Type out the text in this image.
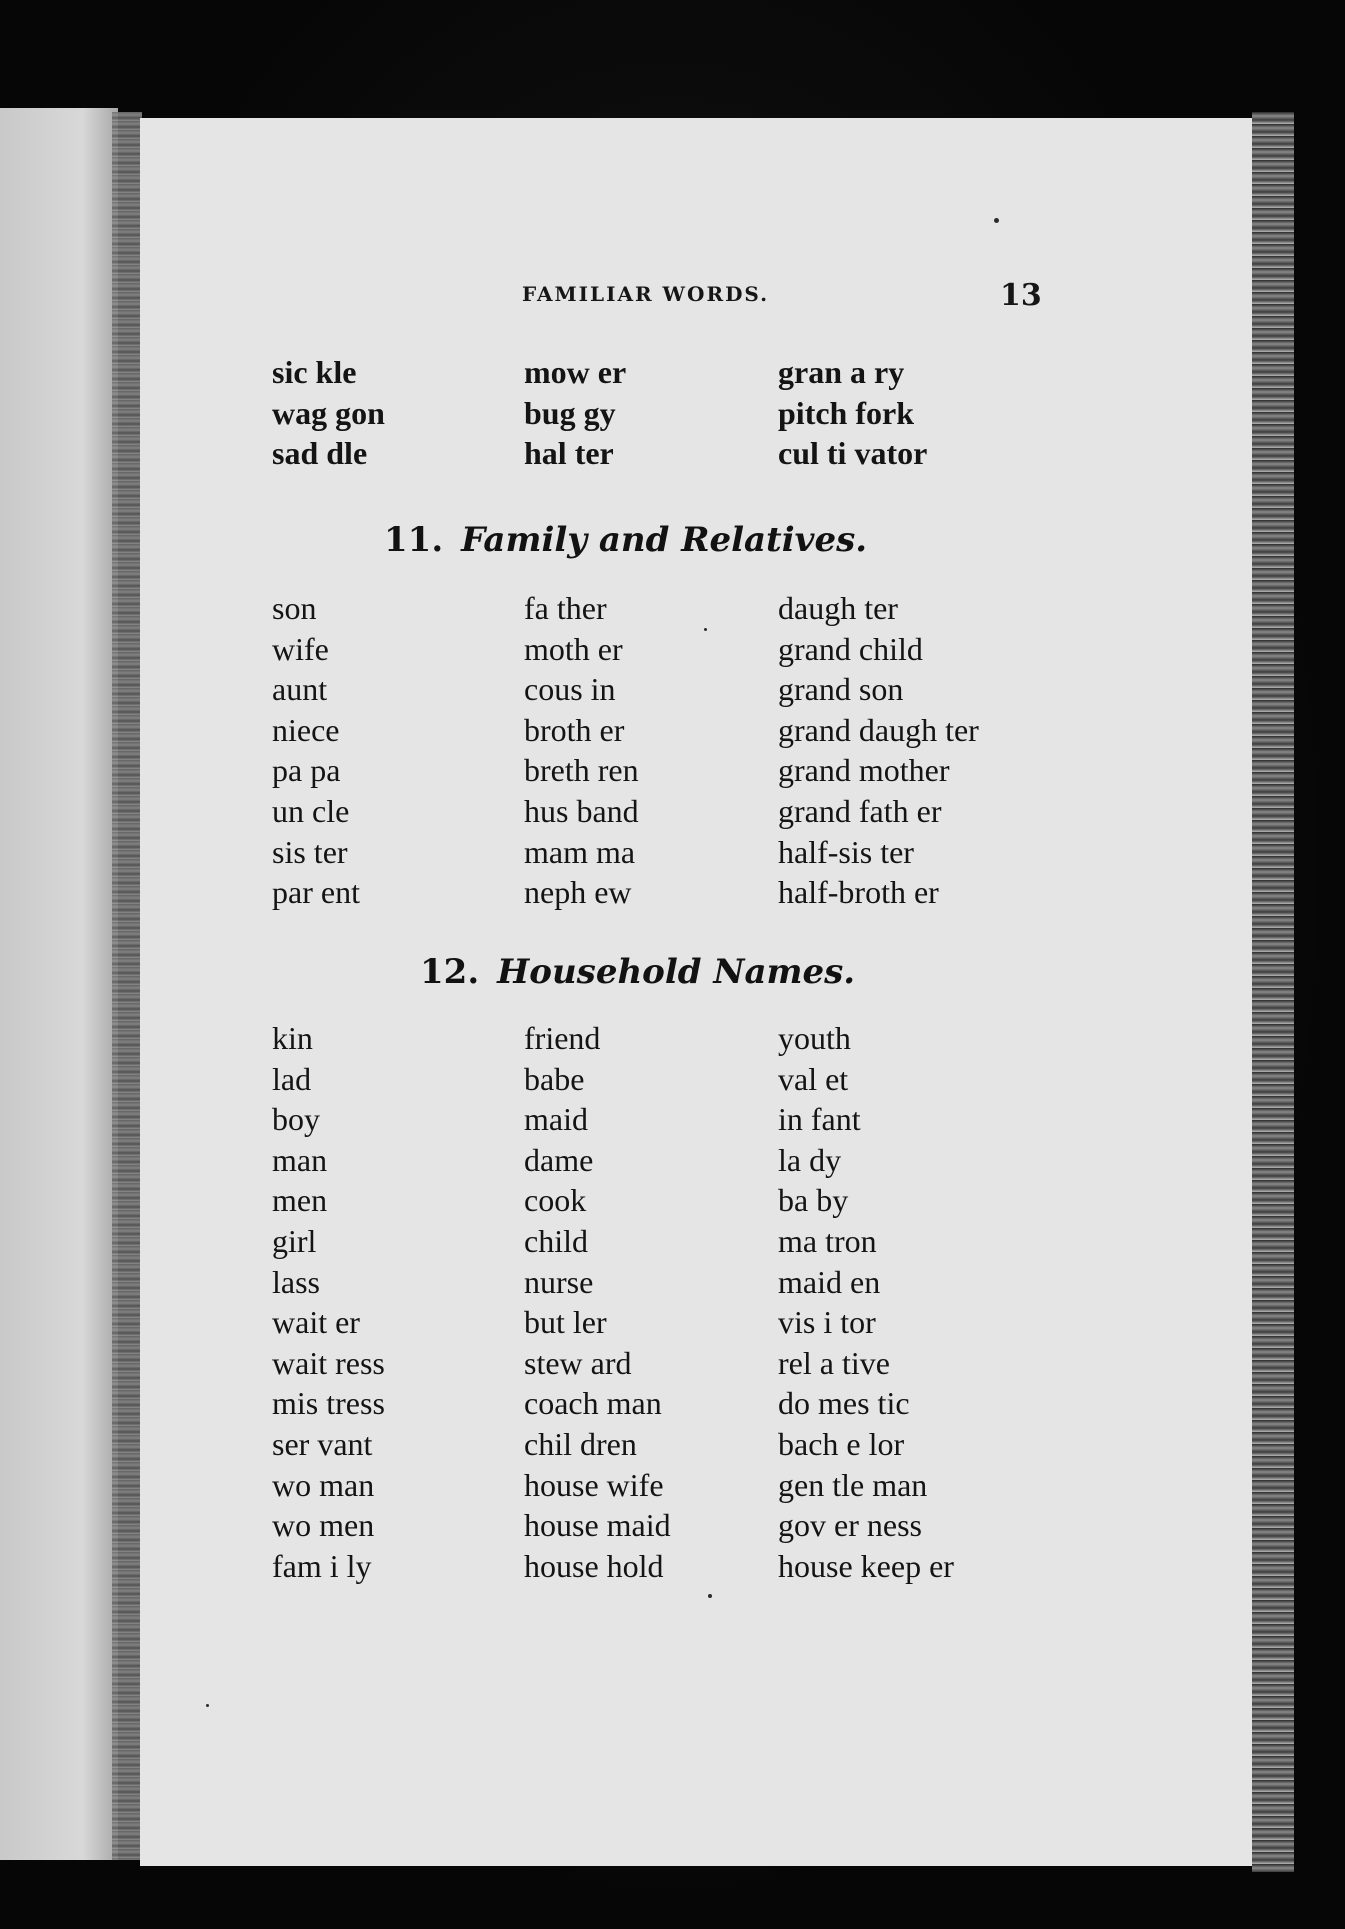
FAMILIAR WORDS.	13
sic kle	mow er	gran a ry
wag gon	bug gy	pitch fork
sad dle	hal ter	cul ti vator
11. Family and Relatives.
son	fa ther	daugh ter
wife	moth er	grand child
aunt	cous in	grand son
niece	broth er	grand daugh ter
pa pa	breth ren	grand mother
un cle	hus band	grand fath er
sis ter	mam ma	half-sis ter
par ent	neph ew	half-broth er
12. Household Names.
kin	friend	youth
lad	babe	val et
boy	maid	in fant
man	dame	la dy
men	cook	ba by
girl	child	ma tron
lass	nurse	maid en
wait er	but ler	vis i tor
wait ress	stew ard	rel a tive
mis tress	coach man	do mes tic
ser vant	chil dren	bach e lor
wo man	house wife	gen tle man
wo men	house maid	gov er ness
fam i ly	house hold	house keep er
